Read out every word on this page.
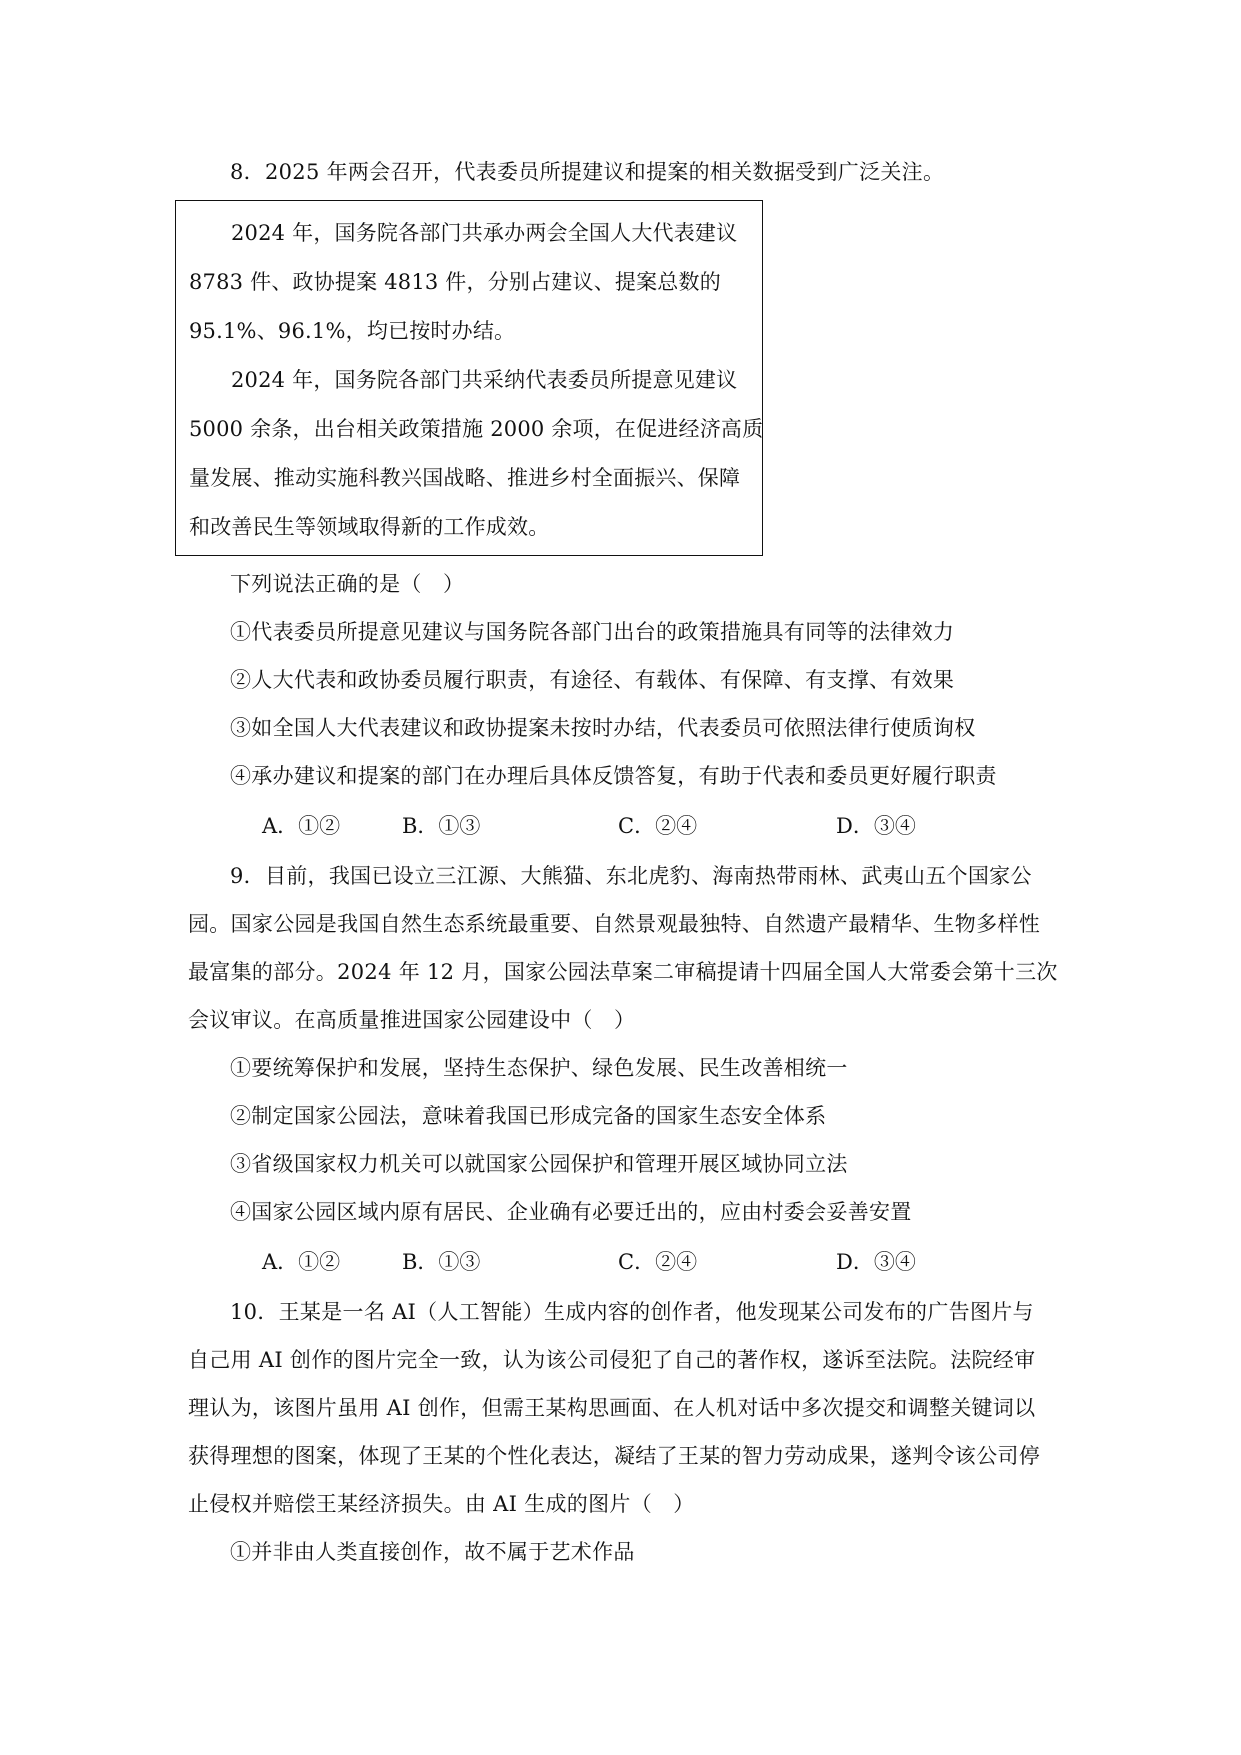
8．2025 年两会召开，代表委员所提建议和提案的相关数据受到广泛关注。
2024 年，国务院各部门共承办两会全国人大代表建议
8783 件、政协提案 4813 件，分别占建议、提案总数的
95.1%、96.1%，均已按时办结。
2024 年，国务院各部门共采纳代表委员所提意见建议
5000 余条，出台相关政策措施 2000 余项，在促进经济高质
量发展、推动实施科教兴国战略、推进乡村全面振兴、保障
和改善民生等领域取得新的工作成效。
下列说法正确的是（　）
①代表委员所提意见建议与国务院各部门出台的政策措施具有同等的法律效力
②人大代表和政协委员履行职责，有途径、有载体、有保障、有支撑、有效果
③如全国人大代表建议和政协提案未按时办结，代表委员可依照法律行使质询权
④承办建议和提案的部门在办理后具体反馈答复，有助于代表和委员更好履行职责
A．①②	B．①③	C．②④	D．③④
9．目前，我国已设立三江源、大熊猫、东北虎豹、海南热带雨林、武夷山五个国家公
园。国家公园是我国自然生态系统最重要、自然景观最独特、自然遗产最精华、生物多样性
最富集的部分。2024 年 12 月，国家公园法草案二审稿提请十四届全国人大常委会第十三次
会议审议。在高质量推进国家公园建设中（　）
①要统筹保护和发展，坚持生态保护、绿色发展、民生改善相统一
②制定国家公园法，意味着我国已形成完备的国家生态安全体系
③省级国家权力机关可以就国家公园保护和管理开展区域协同立法
④国家公园区域内原有居民、企业确有必要迁出的，应由村委会妥善安置
A．①②	B．①③	C．②④	D．③④
10．王某是一名 AI（人工智能）生成内容的创作者，他发现某公司发布的广告图片与
自己用 AI 创作的图片完全一致，认为该公司侵犯了自己的著作权，遂诉至法院。法院经审
理认为，该图片虽用 AI 创作，但需王某构思画面、在人机对话中多次提交和调整关键词以
获得理想的图案，体现了王某的个性化表达，凝结了王某的智力劳动成果，遂判令该公司停
止侵权并赔偿王某经济损失。由 AI 生成的图片（　）
①并非由人类直接创作，故不属于艺术作品
